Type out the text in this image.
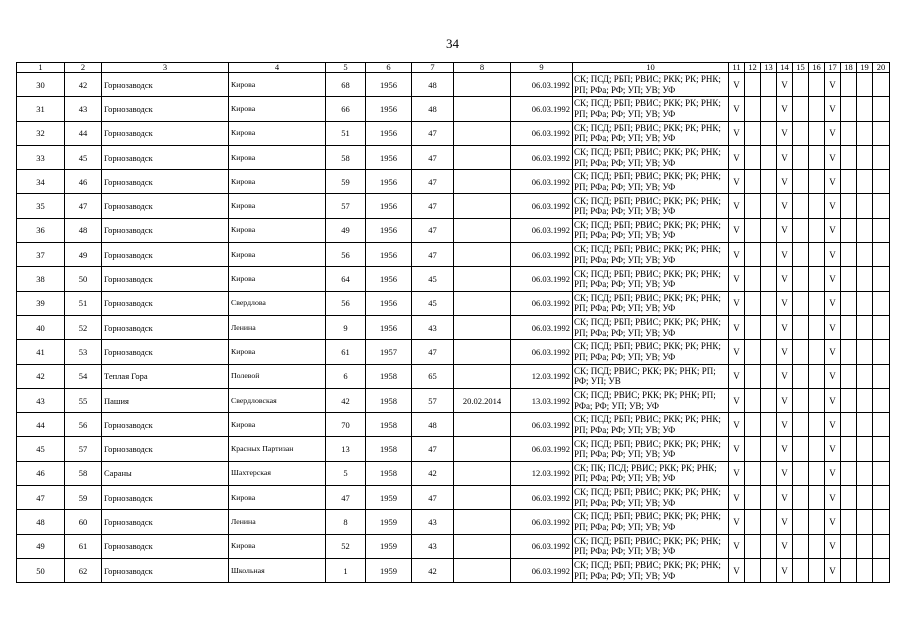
34
1	2	3	4	5	6	7	8	9	10	11	12	13	14	15	16	17	18	19	20
30	42	Горнозаводск	Кирова	68	1956	48		06.03.1992	СК; ПСД; РБП; РВИС; РКК; РК; РНК; РП; РФа; РФ; УП; УВ; УФ	V			V			V			
31	43	Горнозаводск	Кирова	66	1956	48		06.03.1992	СК; ПСД; РБП; РВИС; РКК; РК; РНК; РП; РФа; РФ; УП; УВ; УФ	V			V			V			
32	44	Горнозаводск	Кирова	51	1956	47		06.03.1992	СК; ПСД; РБП; РВИС; РКК; РК; РНК; РП; РФа; РФ; УП; УВ; УФ	V			V			V			
33	45	Горнозаводск	Кирова	58	1956	47		06.03.1992	СК; ПСД; РБП; РВИС; РКК; РК; РНК; РП; РФа; РФ; УП; УВ; УФ	V			V			V			
34	46	Горнозаводск	Кирова	59	1956	47		06.03.1992	СК; ПСД; РБП; РВИС; РКК; РК; РНК; РП; РФа; РФ; УП; УВ; УФ	V			V			V			
35	47	Горнозаводск	Кирова	57	1956	47		06.03.1992	СК; ПСД; РБП; РВИС; РКК; РК; РНК; РП; РФа; РФ; УП; УВ; УФ	V			V			V			
36	48	Горнозаводск	Кирова	49	1956	47		06.03.1992	СК; ПСД; РБП; РВИС; РКК; РК; РНК; РП; РФа; РФ; УП; УВ; УФ	V			V			V			
37	49	Горнозаводск	Кирова	56	1956	47		06.03.1992	СК; ПСД; РБП; РВИС; РКК; РК; РНК; РП; РФа; РФ; УП; УВ; УФ	V			V			V			
38	50	Горнозаводск	Кирова	64	1956	45		06.03.1992	СК; ПСД; РБП; РВИС; РКК; РК; РНК; РП; РФа; РФ; УП; УВ; УФ	V			V			V			
39	51	Горнозаводск	Свердлова	56	1956	45		06.03.1992	СК; ПСД; РБП; РВИС; РКК; РК; РНК; РП; РФа; РФ; УП; УВ; УФ	V			V			V			
40	52	Горнозаводск	Ленина	9	1956	43		06.03.1992	СК; ПСД; РБП; РВИС; РКК; РК; РНК; РП; РФа; РФ; УП; УВ; УФ	V			V			V			
41	53	Горнозаводск	Кирова	61	1957	47		06.03.1992	СК; ПСД; РБП; РВИС; РКК; РК; РНК; РП; РФа; РФ; УП; УВ; УФ	V			V			V			
42	54	Теплая Гора	Полевой	6	1958	65		12.03.1992	СК; ПСД; РВИС; РКК; РК; РНК; РП; РФ; УП; УВ	V			V			V			
43	55	Пашия	Свердловская	42	1958	57	20.02.2014	13.03.1992	СК; ПСД; РВИС; РКК; РК; РНК; РП; РФа; РФ; УП; УВ; УФ	V			V			V			
44	56	Горнозаводск	Кирова	70	1958	48		06.03.1992	СК; ПСД; РБП; РВИС; РКК; РК; РНК; РП; РФа; РФ; УП; УВ; УФ	V			V			V			
45	57	Горнозаводск	Красных Партизан	13	1958	47		06.03.1992	СК; ПСД; РБП; РВИС; РКК; РК; РНК; РП; РФа; РФ; УП; УВ; УФ	V			V			V			
46	58	Сараны	Шахтерская	5	1958	42		12.03.1992	СК; ПК; ПСД; РВИС; РКК; РК; РНК; РП; РФа; РФ; УП; УВ; УФ	V			V			V			
47	59	Горнозаводск	Кирова	47	1959	47		06.03.1992	СК; ПСД; РБП; РВИС; РКК; РК; РНК; РП; РФа; РФ; УП; УВ; УФ	V			V			V			
48	60	Горнозаводск	Ленина	8	1959	43		06.03.1992	СК; ПСД; РБП; РВИС; РКК; РК; РНК; РП; РФа; РФ; УП; УВ; УФ	V			V			V			
49	61	Горнозаводск	Кирова	52	1959	43		06.03.1992	СК; ПСД; РБП; РВИС; РКК; РК; РНК; РП; РФа; РФ; УП; УВ; УФ	V			V			V			
50	62	Горнозаводск	Школьная	1	1959	42		06.03.1992	СК; ПСД; РБП; РВИС; РКК; РК; РНК; РП; РФа; РФ; УП; УВ; УФ	V			V			V			
